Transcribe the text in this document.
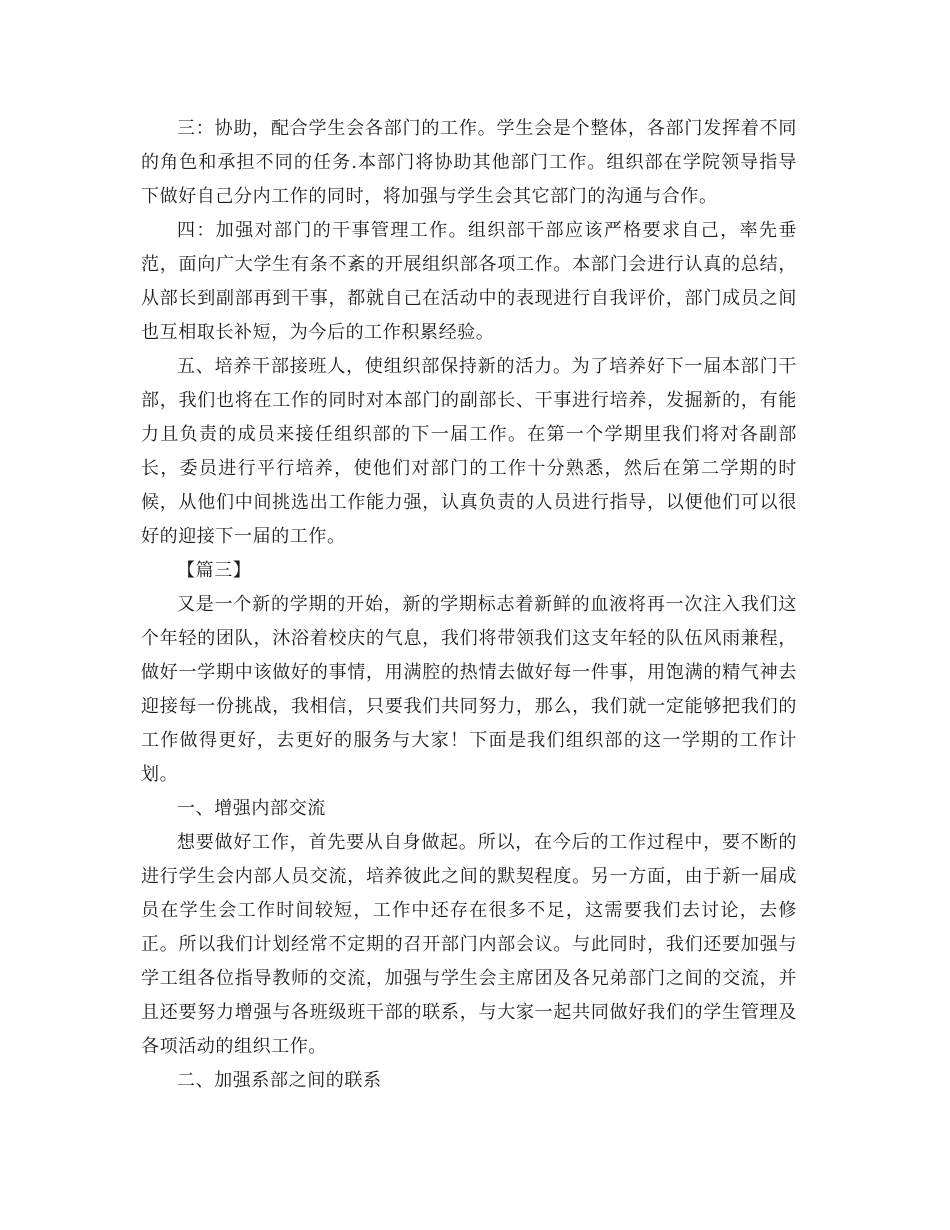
三：协助，配合学生会各部门的工作。学生会是个整体，各部门发挥着不同的角色和承担不同的任务.本部门将协助其他部门工作。组织部在学院领导指导下做好自己分内工作的同时，将加强与学生会其它部门的沟通与合作。

四：加强对部门的干事管理工作。组织部干部应该严格要求自己，率先垂范，面向广大学生有条不紊的开展组织部各项工作。本部门会进行认真的总结，从部长到副部再到干事，都就自己在活动中的表现进行自我评价，部门成员之间也互相取长补短，为今后的工作积累经验。

五、培养干部接班人，使组织部保持新的活力。为了培养好下一届本部门干部，我们也将在工作的同时对本部门的副部长、干事进行培养，发掘新的，有能力且负责的成员来接任组织部的下一届工作。在第一个学期里我们将对各副部长，委员进行平行培养，使他们对部门的工作十分熟悉，然后在第二学期的时候，从他们中间挑选出工作能力强，认真负责的人员进行指导，以便他们可以很好的迎接下一届的工作。

【篇三】

又是一个新的学期的开始，新的学期标志着新鲜的血液将再一次注入我们这个年轻的团队，沐浴着校庆的气息，我们将带领我们这支年轻的队伍风雨兼程，做好一学期中该做好的事情，用满腔的热情去做好每一件事，用饱满的精气神去迎接每一份挑战，我相信，只要我们共同努力，那么，我们就一定能够把我们的工作做得更好，去更好的服务与大家！下面是我们组织部的这一学期的工作计划。

一、增强内部交流

想要做好工作，首先要从自身做起。所以，在今后的工作过程中，要不断的进行学生会内部人员交流，培养彼此之间的默契程度。另一方面，由于新一届成员在学生会工作时间较短，工作中还存在很多不足，这需要我们去讨论，去修正。所以我们计划经常不定期的召开部门内部会议。与此同时，我们还要加强与学工组各位指导教师的交流，加强与学生会主席团及各兄弟部门之间的交流，并且还要努力增强与各班级班干部的联系，与大家一起共同做好我们的学生管理及各项活动的组织工作。

二、加强系部之间的联系
